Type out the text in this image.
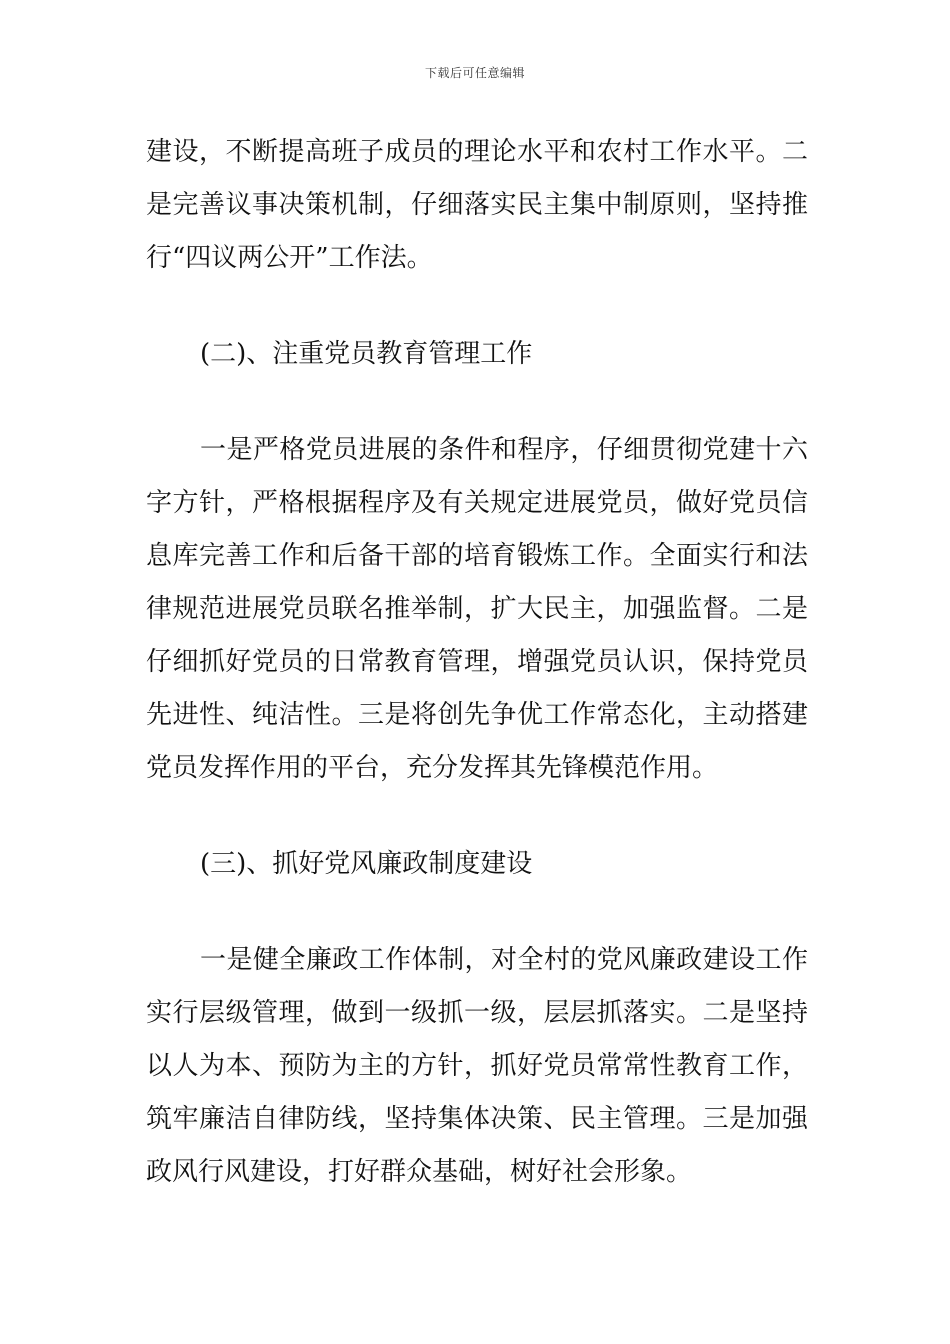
下载后可任意编辑

建设，不断提高班子成员的理论水平和农村工作水平。二是完善议事决策机制，仔细落实民主集中制原则，坚持推行“四议两公开”工作法。

(二)、注重党员教育管理工作

一是严格党员进展的条件和程序，仔细贯彻党建十六字方针，严格根据程序及有关规定进展党员，做好党员信息库完善工作和后备干部的培育锻炼工作。全面实行和法律规范进展党员联名推举制，扩大民主，加强监督。二是仔细抓好党员的日常教育管理，增强党员认识，保持党员先进性、纯洁性。三是将创先争优工作常态化，主动搭建党员发挥作用的平台，充分发挥其先锋模范作用。

(三)、抓好党风廉政制度建设

一是健全廉政工作体制，对全村的党风廉政建设工作实行层级管理，做到一级抓一级，层层抓落实。二是坚持以人为本、预防为主的方针，抓好党员常常性教育工作，筑牢廉洁自律防线，坚持集体决策、民主管理。三是加强政风行风建设，打好群众基础，树好社会形象。
